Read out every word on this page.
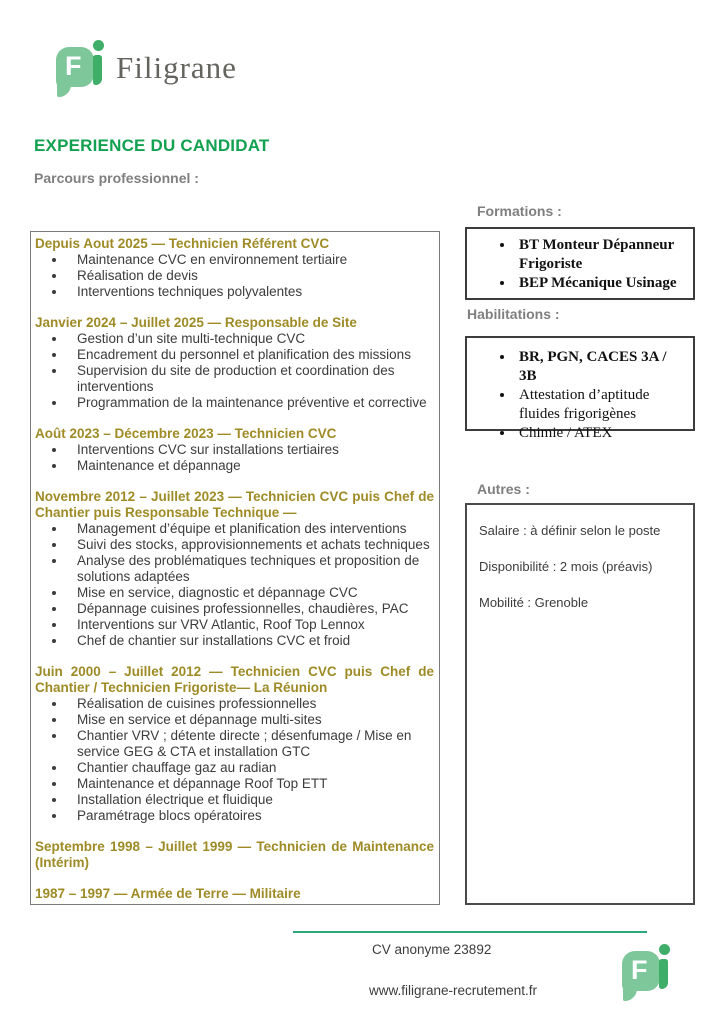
F Filigrane
EXPERIENCE DU CANDIDAT
Parcours professionnel :
Depuis Aout 2025 — Technicien Référent CVC
• Maintenance CVC en environnement tertiaire
• Réalisation de devis
• Interventions techniques polyvalentes
Janvier 2024 – Juillet 2025 — Responsable de Site
• Gestion d’un site multi-technique CVC
• Encadrement du personnel et planification des missions
• Supervision du site de production et coordination des interventions
• Programmation de la maintenance préventive et corrective
Août 2023 – Décembre 2023 — Technicien CVC
• Interventions CVC sur installations tertiaires
• Maintenance et dépannage
Novembre 2012 – Juillet 2023 — Technicien CVC puis Chef de Chantier puis Responsable Technique —
• Management d’équipe et planification des interventions
• Suivi des stocks, approvisionnements et achats techniques
• Analyse des problématiques techniques et proposition de solutions adaptées
• Mise en service, diagnostic et dépannage CVC
• Dépannage cuisines professionnelles, chaudières, PAC
• Interventions sur VRV Atlantic, Roof Top Lennox
• Chef de chantier sur installations CVC et froid
Juin 2000 – Juillet 2012 — Technicien CVC puis Chef de Chantier / Technicien Frigoriste— La Réunion
• Réalisation de cuisines professionnelles
• Mise en service et dépannage multi-sites
• Chantier VRV ; détente directe ; désenfumage / Mise en service GEG & CTA et installation GTC
• Chantier chauffage gaz au radian
• Maintenance et dépannage Roof Top ETT
• Installation électrique et fluidique
• Paramétrage blocs opératoires
Septembre 1998 – Juillet 1999 — Technicien de Maintenance (Intérim)
1987 – 1997 — Armée de Terre — Militaire
Formations :
• BT Monteur Dépanneur Frigoriste
• BEP Mécanique Usinage
Habilitations :
• BR, PGN, CACES 3A / 3B
• Attestation d’aptitude fluides frigorigènes
• Chimie / ATEX
Autres :

Salaire : à définir selon le poste

Disponibilité : 2 mois (préavis)

Mobilité : Grenoble

CV anonyme 23892
www.filigrane-recrutement.fr
F
